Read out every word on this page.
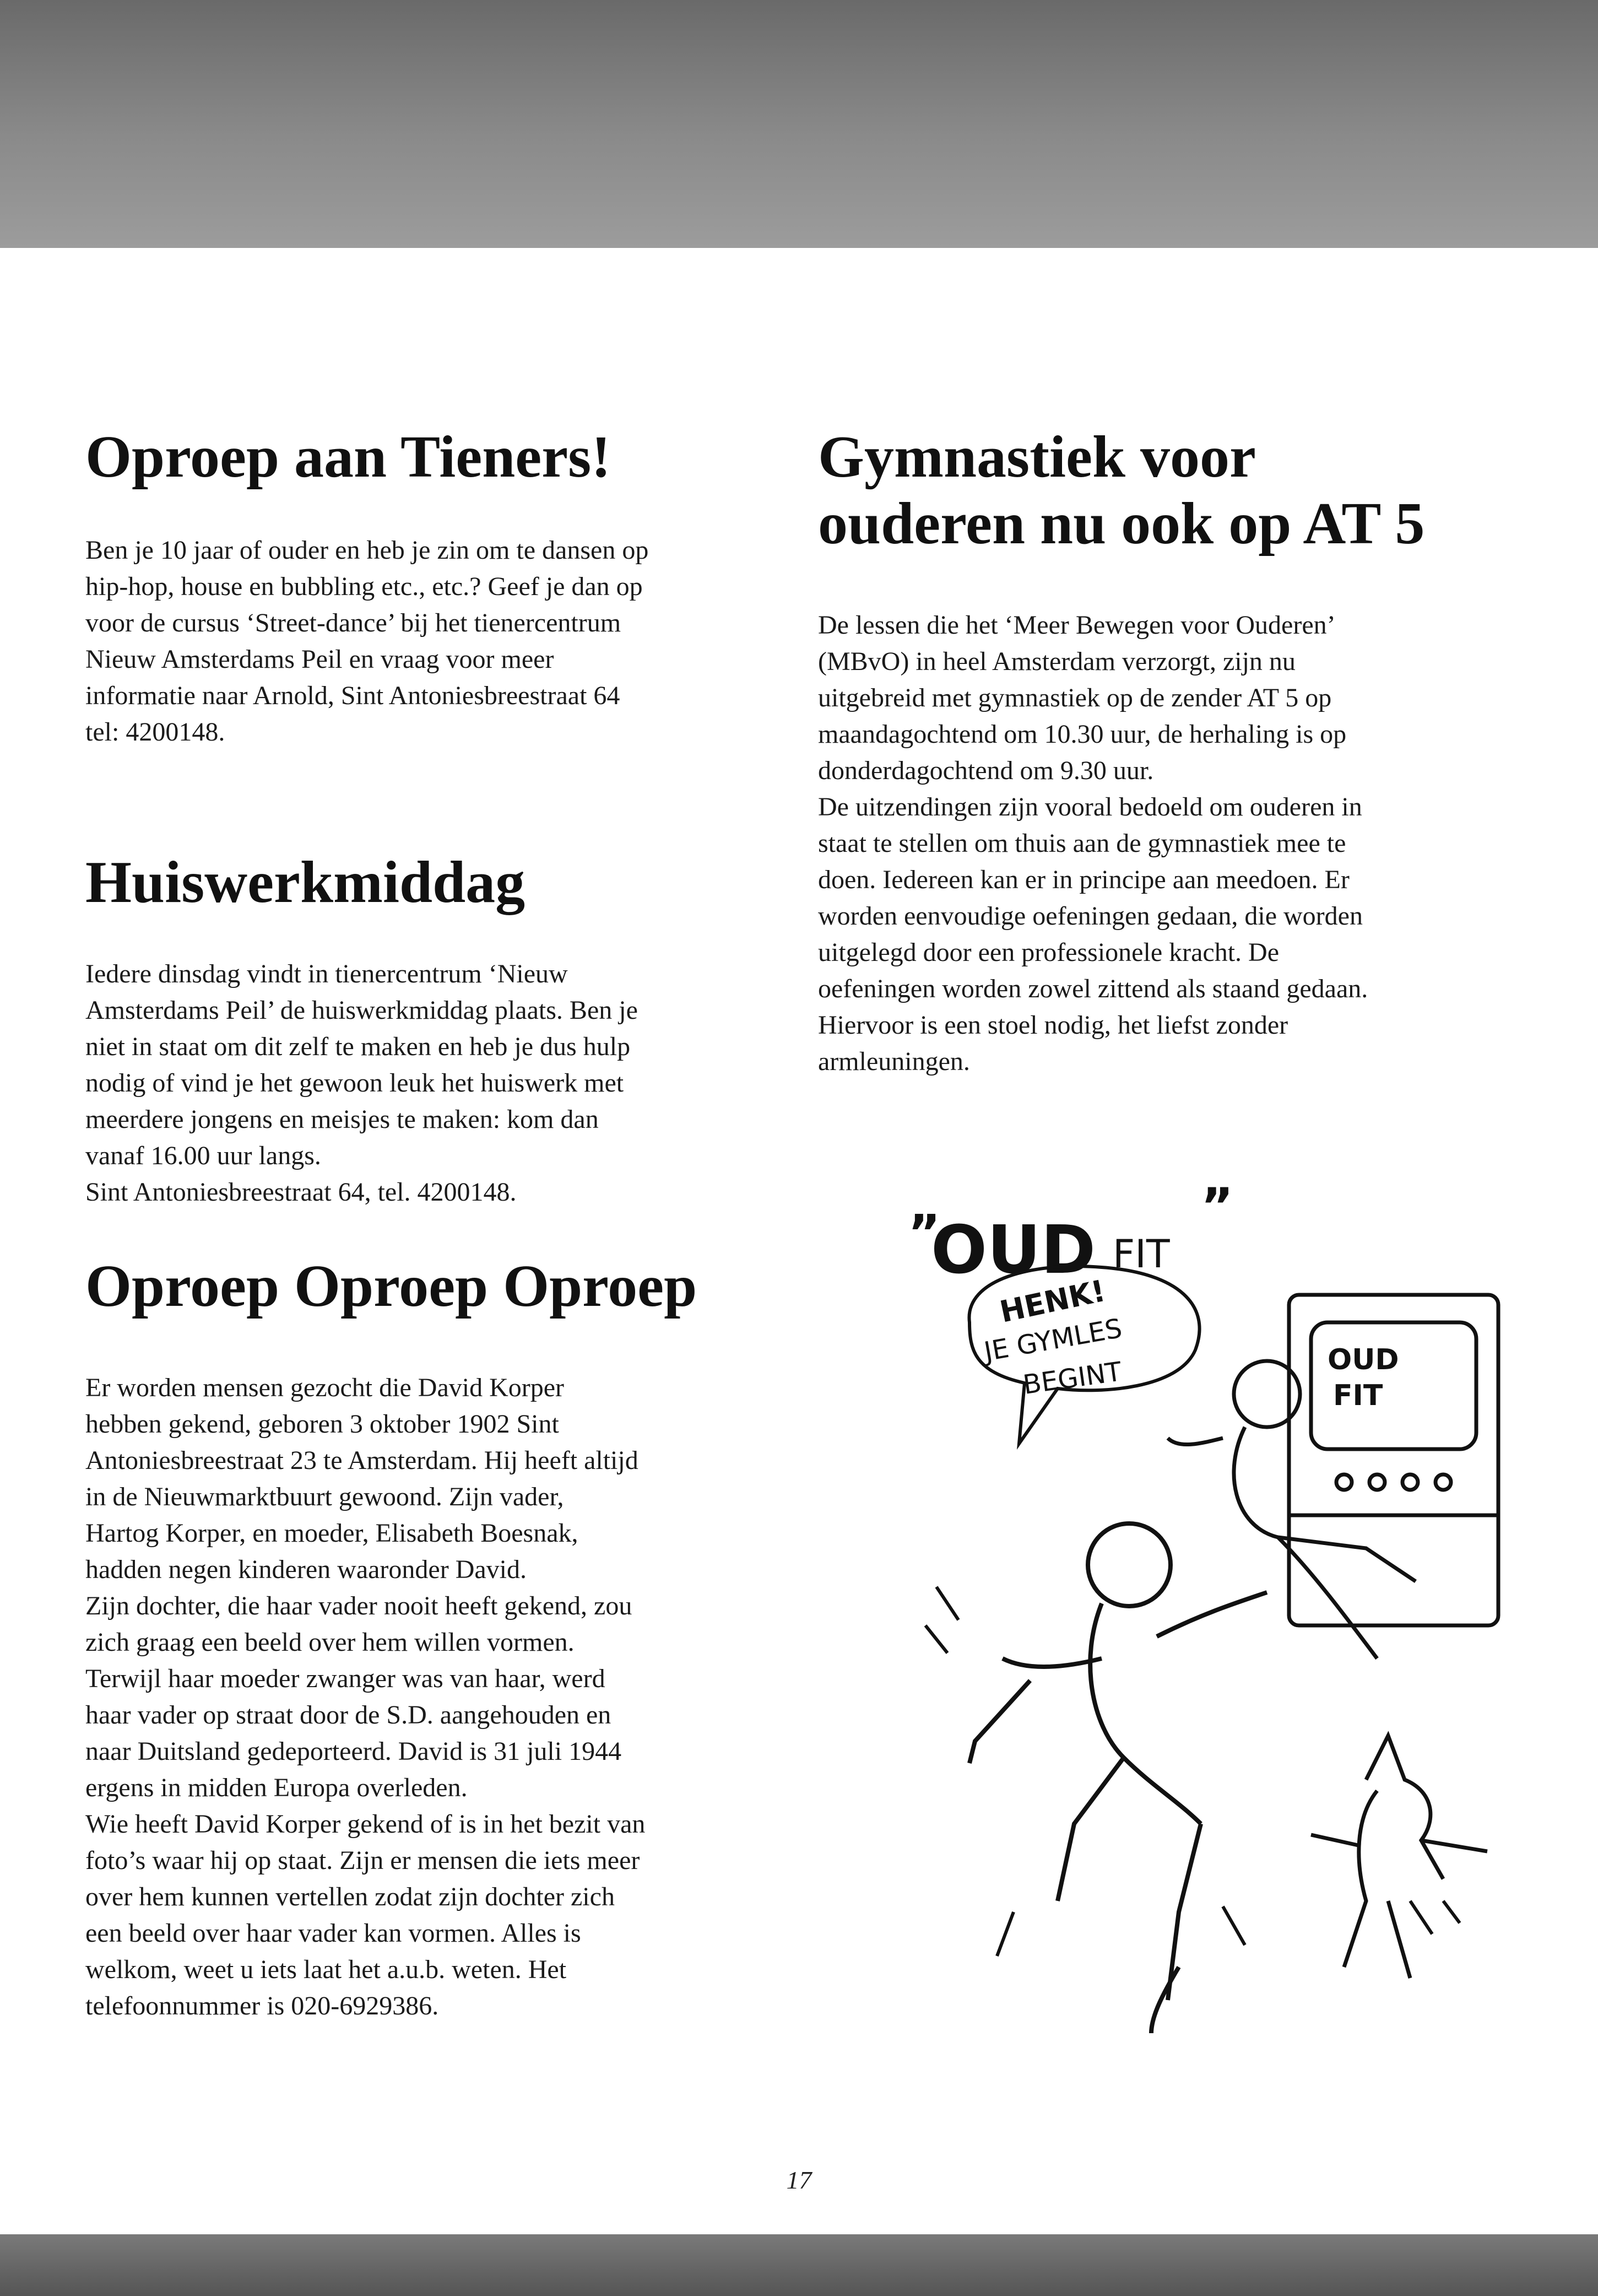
Oproep aan Tieners!

Ben je 10 jaar of ouder en heb je zin om te dansen op
hip-hop, house en bubbling etc., etc.? Geef je dan op
voor de cursus ‘Street-dance’ bij het tienercentrum
Nieuw Amsterdams Peil en vraag voor meer
informatie naar Arnold, Sint Antoniesbreestraat 64
tel: 4200148.

Huiswerkmiddag

Iedere dinsdag vindt in tienercentrum ‘Nieuw
Amsterdams Peil’ de huiswerkmiddag plaats. Ben je
niet in staat om dit zelf te maken en heb je dus hulp
nodig of vind je het gewoon leuk het huiswerk met
meerdere jongens en meisjes te maken: kom dan
vanaf 16.00 uur langs.
Sint Antoniesbreestraat 64, tel. 4200148.

Oproep Oproep Oproep

Er worden mensen gezocht die David Korper
hebben gekend, geboren 3 oktober 1902 Sint
Antoniesbreestraat 23 te Amsterdam. Hij heeft altijd
in de Nieuwmarktbuurt gewoond. Zijn vader,
Hartog Korper, en moeder, Elisabeth Boesnak,
hadden negen kinderen waaronder David.
Zijn dochter, die haar vader nooit heeft gekend, zou
zich graag een beeld over hem willen vormen.
Terwijl haar moeder zwanger was van haar, werd
haar vader op straat door de S.D. aangehouden en
naar Duitsland gedeporteerd. David is 31 juli 1944
ergens in midden Europa overleden.
Wie heeft David Korper gekend of is in het bezit van
foto’s waar hij op staat. Zijn er mensen die iets meer
over hem kunnen vertellen zodat zijn dochter zich
een beeld over haar vader kan vormen. Alles is
welkom, weet u iets laat het a.u.b. weten. Het
telefoonnummer is 020-6929386.

Gymnastiek voor
ouderen nu ook op AT 5

De lessen die het ‘Meer Bewegen voor Ouderen’
(MBvO) in heel Amsterdam verzorgt, zijn nu
uitgebreid met gymnastiek op de zender AT 5 op
maandagochtend om 10.30 uur, de herhaling is op
donderdagochtend om 9.30 uur.
De uitzendingen zijn vooral bedoeld om ouderen in
staat te stellen om thuis aan de gymnastiek mee te
doen. Iedereen kan er in principe aan meedoen. Er
worden eenvoudige oefeningen gedaan, die worden
uitgelegd door een professionele kracht. De
oefeningen worden zowel zittend als staand gedaan.
Hiervoor is een stoel nodig, het liefst zonder
armleuningen.

„
OUD FIT
”
HENK!
JE GYMLES
BEGINT	OUD
FIT
17
